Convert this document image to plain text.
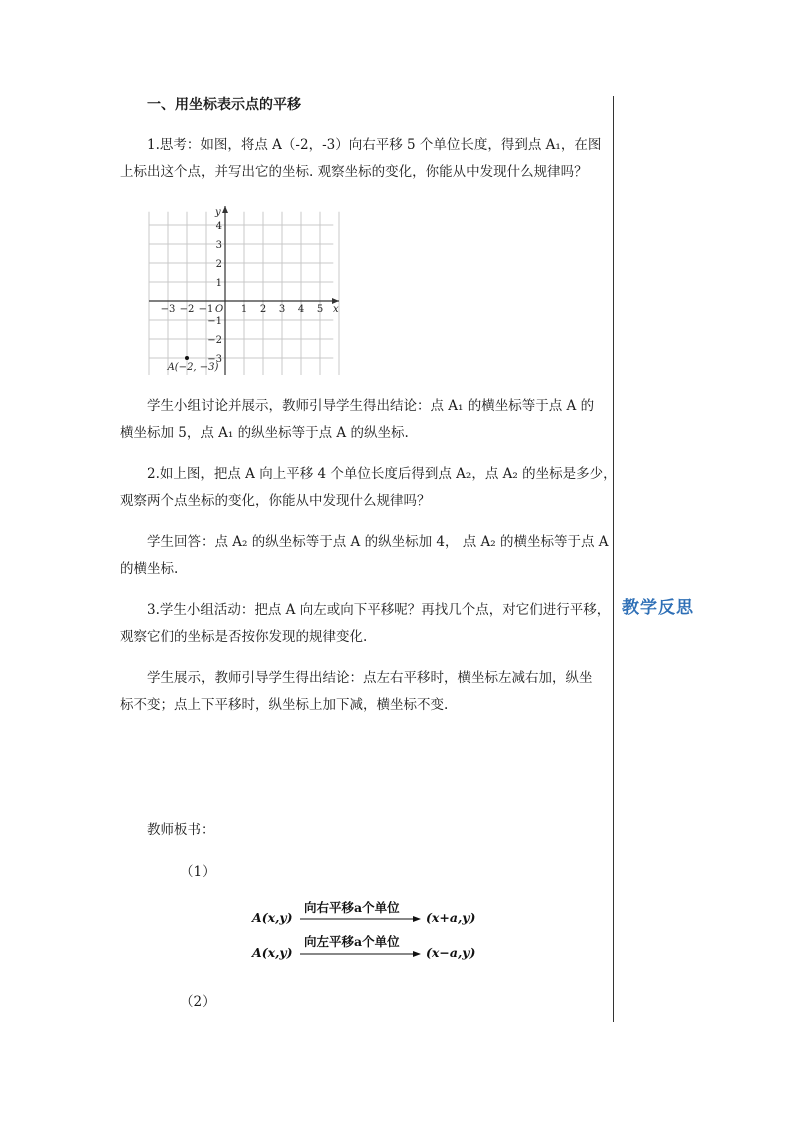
一、用坐标表示点的平移
1.思考：如图，将点 A（-2，-3）向右平移 5 个单位长度，得到点 A₁，在图
上标出这个点，并写出它的坐标. 观察坐标的变化，你能从中发现什么规律吗？
x
y
O
−3 −2 −1	1 2 3 4 5
4
3
2
1
−1
−2
−3
A(−2, −3)
学生小组讨论并展示，教师引导学生得出结论：点 A₁ 的横坐标等于点 A 的
横坐标加 5，点 A₁ 的纵坐标等于点 A 的纵坐标.
2.如上图，把点 A 向上平移 4 个单位长度后得到点 A₂，点 A₂ 的坐标是多少，
观察两个点坐标的变化，你能从中发现什么规律吗？
学生回答：点 A₂ 的纵坐标等于点 A 的纵坐标加 4， 点 A₂ 的横坐标等于点 A
的横坐标.
3.学生小组活动：把点 A 向左或向下平移呢？再找几个点，对它们进行平移，
观察它们的坐标是否按你发现的规律变化.
学生展示，教师引导学生得出结论：点左右平移时，横坐标左减右加，纵坐
标不变；点上下平移时，纵坐标上加下减，横坐标不变.
教学反思
教师板书：
（1）
A(x,y)
向右平移a个单位
(x+a,y)
A(x,y)
向左平移a个单位
(x−a,y)
（2）
